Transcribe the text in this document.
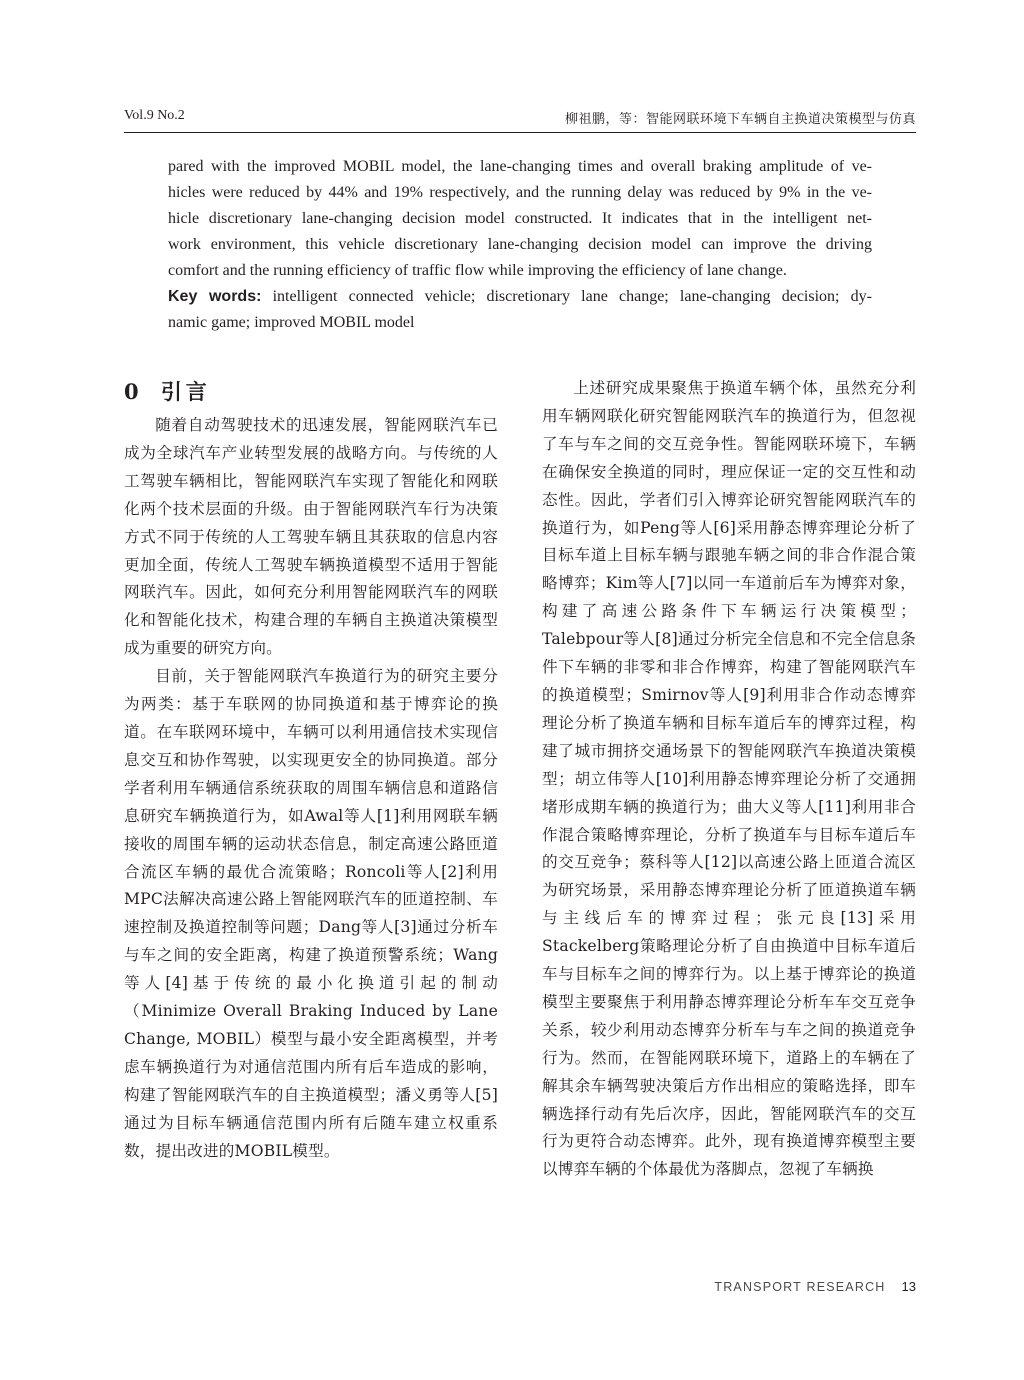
Vol.9 No.2	柳祖鹏，等：智能网联环境下车辆自主换道决策模型与仿真
pared with the improved MOBIL model, the lane-changing times and overall braking amplitude of ve-
hicles were reduced by 44% and 19% respectively, and the running delay was reduced by 9% in the ve-
hicle discretionary lane-changing decision model constructed. It indicates that in the intelligent net-
work environment, this vehicle discretionary lane-changing decision model can improve the driving
comfort and the running efficiency of traffic flow while improving the efficiency of lane change.
Key words: intelligent connected vehicle; discretionary lane change; lane-changing decision; dy-
namic game; improved MOBIL model
0 引言

随着自动驾驶技术的迅速发展，智能网联汽车已成为全球汽车产业转型发展的战略方向。与传统的人工驾驶车辆相比，智能网联汽车实现了智能化和网联化两个技术层面的升级。由于智能网联汽车行为决策方式不同于传统的人工驾驶车辆且其获取的信息内容更加全面，传统人工驾驶车辆换道模型不适用于智能网联汽车。因此，如何充分利用智能网联汽车的网联化和智能化技术，构建合理的车辆自主换道决策模型成为重要的研究方向。

目前，关于智能网联汽车换道行为的研究主要分为两类：基于车联网的协同换道和基于博弈论的换道。在车联网环境中，车辆可以利用通信技术实现信息交互和协作驾驶，以实现更安全的协同换道。部分学者利用车辆通信系统获取的周围车辆信息和道路信息研究车辆换道行为，如Awal等人[1]利用网联车辆接收的周围车辆的运动状态信息，制定高速公路匝道合流区车辆的最优合流策略；Roncoli等人[2]利用MPC法解决高速公路上智能网联汽车的匝道控制、车速控制及换道控制等问题；Dang等人[3]通过分析车与车之间的安全距离，构建了换道预警系统；Wang等人[4]基于传统的最小化换道引起的制动（Minimize Overall Braking Induced by Lane Change, MOBIL）模型与最小安全距离模型，并考虑车辆换道行为对通信范围内所有后车造成的影响，构建了智能网联汽车的自主换道模型；潘义勇等人[5]通过为目标车辆通信范围内所有后随车建立权重系数，提出改进的MOBIL模型。

上述研究成果聚焦于换道车辆个体，虽然充分利用车辆网联化研究智能网联汽车的换道行为，但忽视了车与车之间的交互竞争性。智能网联环境下，车辆在确保安全换道的同时，理应保证一定的交互性和动态性。因此，学者们引入博弈论研究智能网联汽车的换道行为，如Peng等人[6]采用静态博弈理论分析了目标车道上目标车辆与跟驰车辆之间的非合作混合策略博弈；Kim等人[7]以同一车道前后车为博弈对象，构建了高速公路条件下车辆运行决策模型；Talebpour等人[8]通过分析完全信息和不完全信息条件下车辆的非零和非合作博弈，构建了智能网联汽车的换道模型；Smirnov等人[9]利用非合作动态博弈理论分析了换道车辆和目标车道后车的博弈过程，构建了城市拥挤交通场景下的智能网联汽车换道决策模型；胡立伟等人[10]利用静态博弈理论分析了交通拥堵形成期车辆的换道行为；曲大义等人[11]利用非合作混合策略博弈理论，分析了换道车与目标车道后车的交互竞争；蔡科等人[12]以高速公路上匝道合流区为研究场景，采用静态博弈理论分析了匝道换道车辆与主线后车的博弈过程；张元良[13]采用Stackelberg策略理论分析了自由换道中目标车道后车与目标车之间的博弈行为。以上基于博弈论的换道模型主要聚焦于利用静态博弈理论分析车车交互竞争关系，较少利用动态博弈分析车与车之间的换道竞争行为。然而，在智能网联环境下，道路上的车辆在了解其余车辆驾驶决策后方作出相应的策略选择，即车辆选择行动有先后次序，因此，智能网联汽车的交互行为更符合动态博弈。此外，现有换道博弈模型主要以博弈车辆的个体最优为落脚点，忽视了车辆换

TRANSPORT RESEARCH 13
